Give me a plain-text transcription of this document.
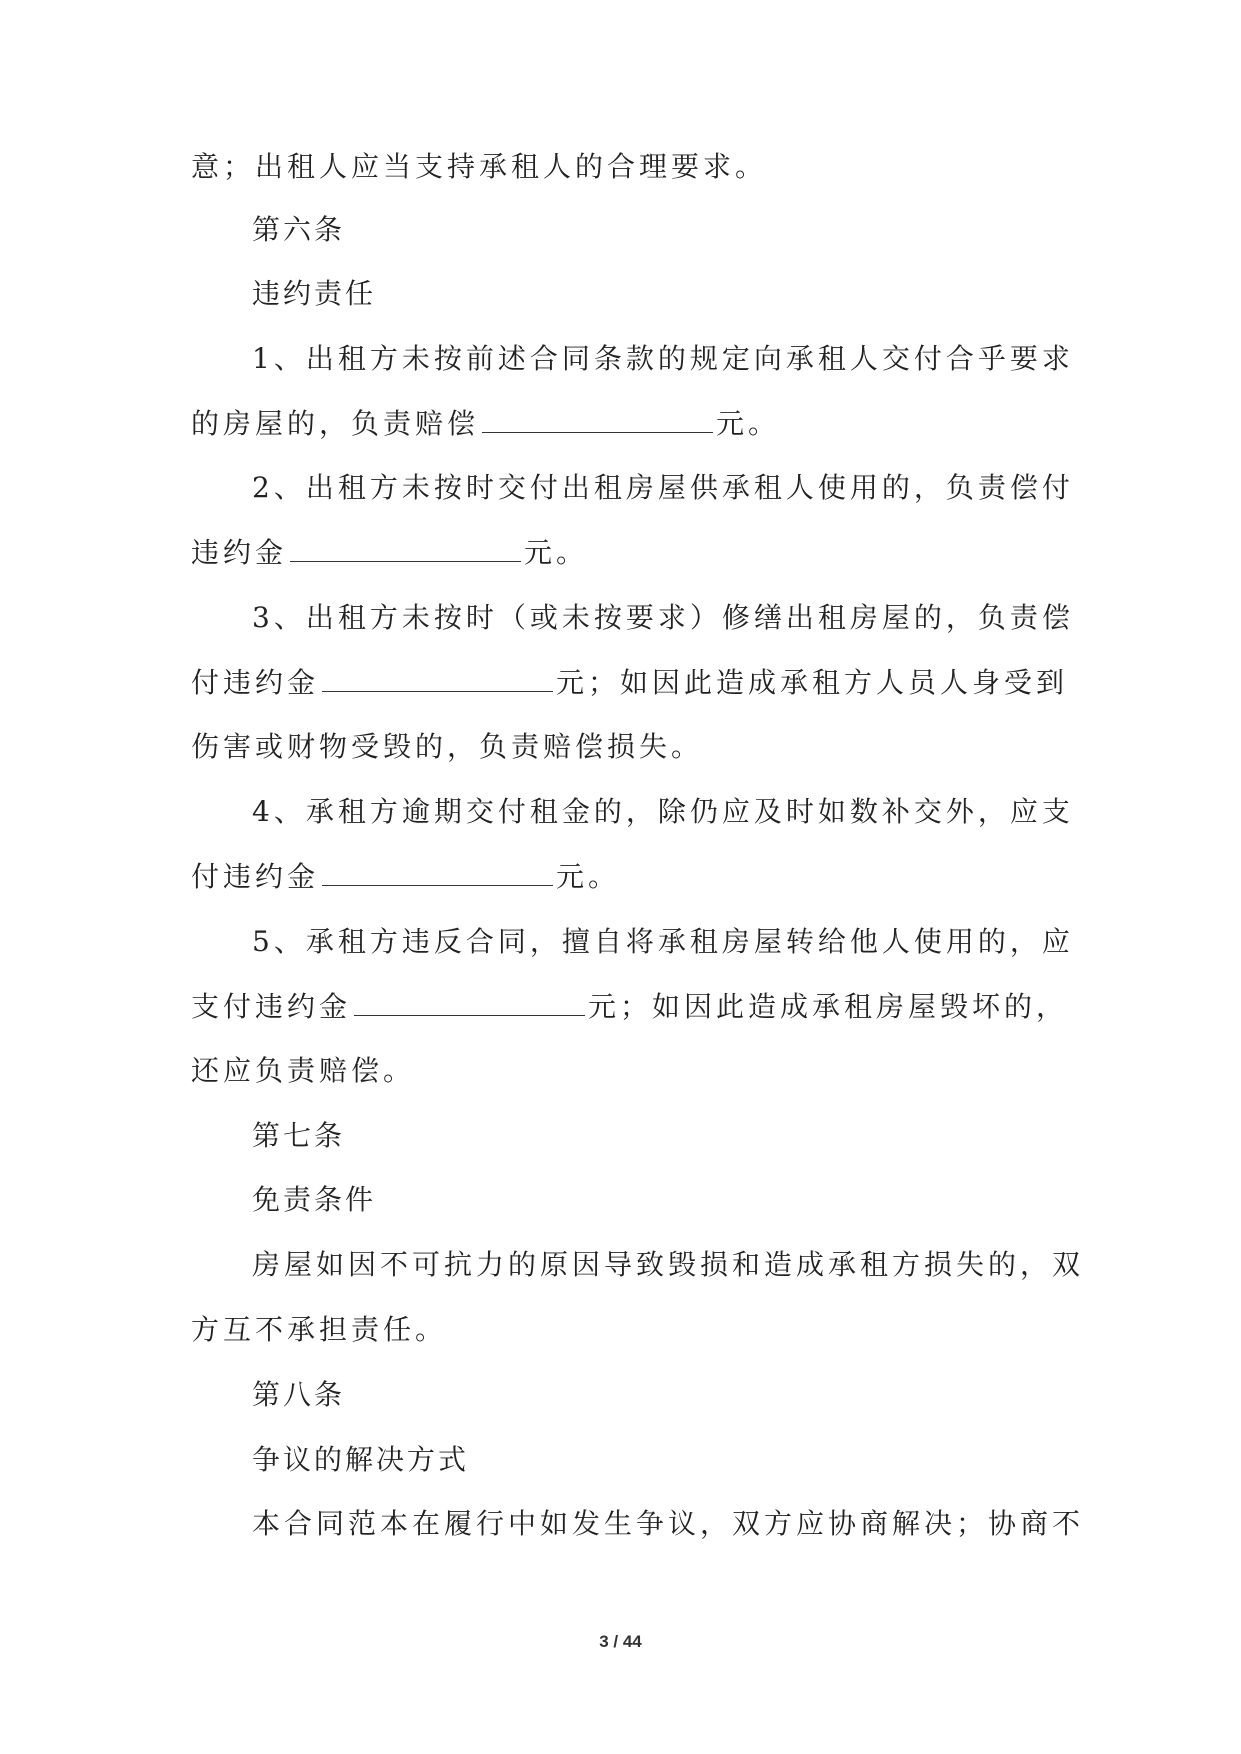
意；出租人应当支持承租人的合理要求。
第六条
违约责任
1、出租方未按前述合同条款的规定向承租人交付合乎要求
的房屋的，负责赔偿	元。
2、出租方未按时交付出租房屋供承租人使用的，负责偿付
违约金	元。
3、出租方未按时（或未按要求）修缮出租房屋的，负责偿
付违约金	元；如因此造成承租方人员人身受到
伤害或财物受毁的，负责赔偿损失。
4、承租方逾期交付租金的，除仍应及时如数补交外，应支
付违约金	元。
5、承租方违反合同，擅自将承租房屋转给他人使用的，应
支付违约金	元；如因此造成承租房屋毁坏的，
还应负责赔偿。
第七条
免责条件
房屋如因不可抗力的原因导致毁损和造成承租方损失的，双
方互不承担责任。
第八条
争议的解决方式
本合同范本在履行中如发生争议，双方应协商解决；协商不
3 / 44
